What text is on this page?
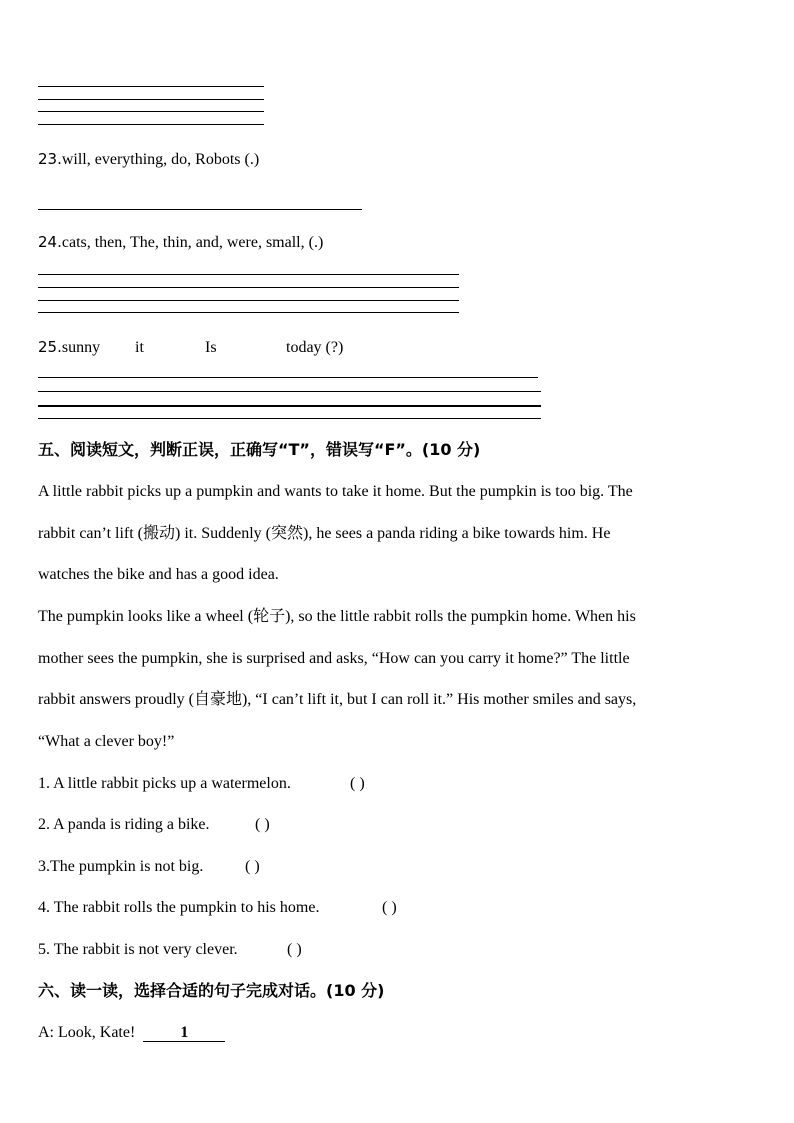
23.will, everything, do, Robots (.)
24.cats, then, The, thin, and, were, small, (.)
25.sunny it	Is	today (?)
五、阅读短文，判断正误，正确写“T”，错误写“F”。(10 分)
A little rabbit picks up a pumpkin and wants to take it home. But the pumpkin is too big. The
rabbit can’t lift (搬动) it. Suddenly (突然), he sees a panda riding a bike towards him. He
watches the bike and has a good idea.
The pumpkin looks like a wheel (轮子), so the little rabbit rolls the pumpkin home. When his
mother sees the pumpkin, she is surprised and asks, “How can you carry it home?” The little
rabbit answers proudly (自豪地), “I can’t lift it, but I can roll it.” His mother smiles and says,
“What a clever boy!”
1. A little rabbit picks up a watermelon.	( )
2. A panda is riding a bike.	( )
3.The pumpkin is not big.	( )
4. The rabbit rolls the pumpkin to his home.	( )
5. The rabbit is not very clever.	( )
六、读一读，选择合适的句子完成对话。(10 分)
A: Look, Kate!	1
